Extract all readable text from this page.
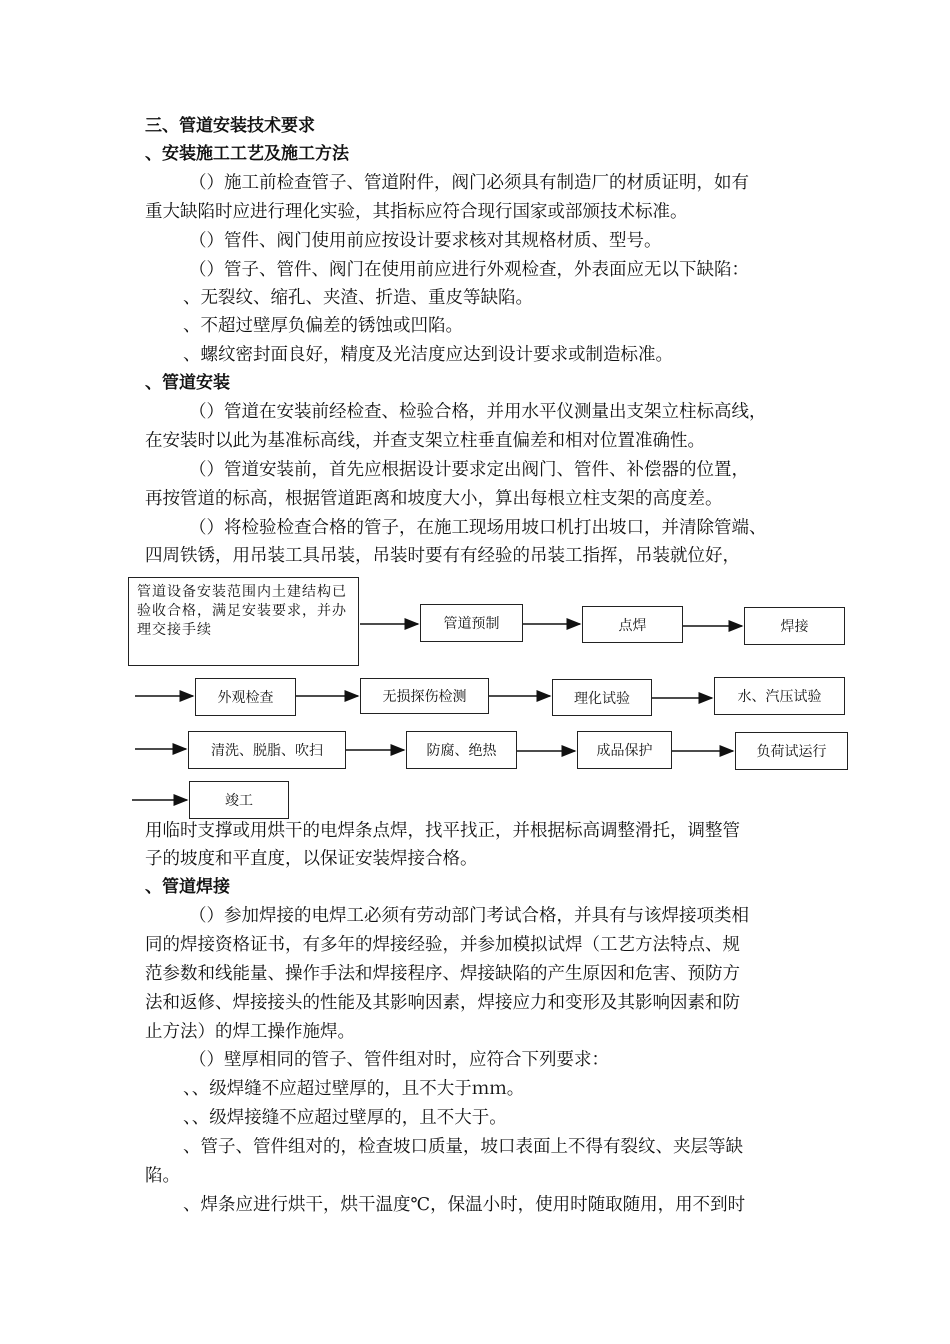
三、管道安装技术要求
、安装施工工艺及施工方法
（）施工前检查管子、管道附件，阀门必须具有制造厂的材质证明，如有
重大缺陷时应进行理化实验，其指标应符合现行国家或部颁技术标准。
（）管件、阀门使用前应按设计要求核对其规格材质、型号。
（）管子、管件、阀门在使用前应进行外观检查，外表面应无以下缺陷：
、无裂纹、缩孔、夹渣、折造、重皮等缺陷。
、不超过壁厚负偏差的锈蚀或凹陷。
、螺纹密封面良好，精度及光洁度应达到设计要求或制造标准。
、管道安装
（）管道在安装前经检查、检验合格，并用水平仪测量出支架立柱标高线，
在安装时以此为基准标高线，并查支架立柱垂直偏差和相对位置准确性。
（）管道安装前，首先应根据设计要求定出阀门、管件、补偿器的位置，
再按管道的标高，根据管道距离和坡度大小，算出每根立柱支架的高度差。
（）将检验检查合格的管子，在施工现场用坡口机打出坡口，并清除管端、
四周铁锈，用吊装工具吊装，吊装时要有有经验的吊装工指挥，吊装就位好，
管道设备安装范围内土建结构已验收合格，满足安装要求，并办理交接手续	管道预制	点焊	焊接
外观检查	无损探伤检测	理化试验	水、汽压试验
清洗、脱脂、吹扫	防腐、绝热	成品保护	负荷试运行
竣工
用临时支撑或用烘干的电焊条点焊，找平找正，并根据标高调整滑托，调整管
子的坡度和平直度，以保证安装焊接合格。
、管道焊接
（）参加焊接的电焊工必须有劳动部门考试合格，并具有与该焊接项类相
同的焊接资格证书，有多年的焊接经验，并参加模拟试焊（工艺方法特点、规
范参数和线能量、操作手法和焊接程序、焊接缺陷的产生原因和危害、预防方
法和返修、焊接接头的性能及其影响因素，焊接应力和变形及其影响因素和防
止方法）的焊工操作施焊。
（）壁厚相同的管子、管件组对时，应符合下列要求：
、、级焊缝不应超过壁厚的，且不大于ｍｍ。
、、级焊接缝不应超过壁厚的，且不大于。
、管子、管件组对的，检查坡口质量，坡口表面上不得有裂纹、夹层等缺
陷。
、焊条应进行烘干，烘干温度℃，保温小时，使用时随取随用，用不到时
